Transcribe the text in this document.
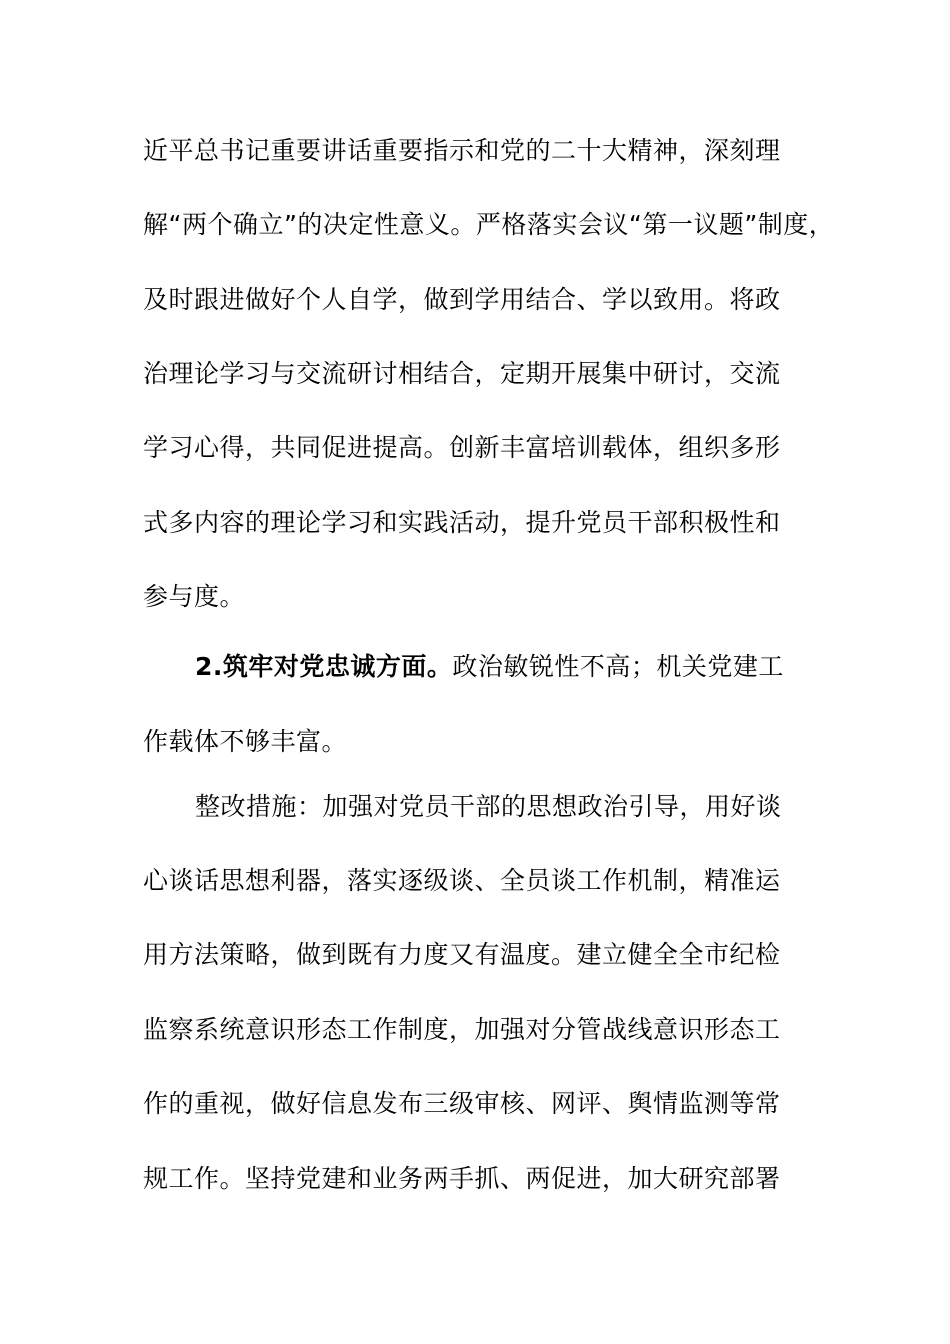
近平总书记重要讲话重要指示和党的二十大精神，深刻理
解“两个确立”的决定性意义。严格落实会议“第一议题”制度，
及时跟进做好个人自学，做到学用结合、学以致用。将政
治理论学习与交流研讨相结合，定期开展集中研讨，交流
学习心得，共同促进提高。创新丰富培训载体，组织多形
式多内容的理论学习和实践活动，提升党员干部积极性和
参与度。
2.筑牢对党忠诚方面。政治敏锐性不高；机关党建工
作载体不够丰富。
整改措施：加强对党员干部的思想政治引导，用好谈
心谈话思想利器，落实逐级谈、全员谈工作机制，精准运
用方法策略，做到既有力度又有温度。建立健全全市纪检
监察系统意识形态工作制度，加强对分管战线意识形态工
作的重视，做好信息发布三级审核、网评、舆情监测等常
规工作。坚持党建和业务两手抓、两促进，加大研究部署
